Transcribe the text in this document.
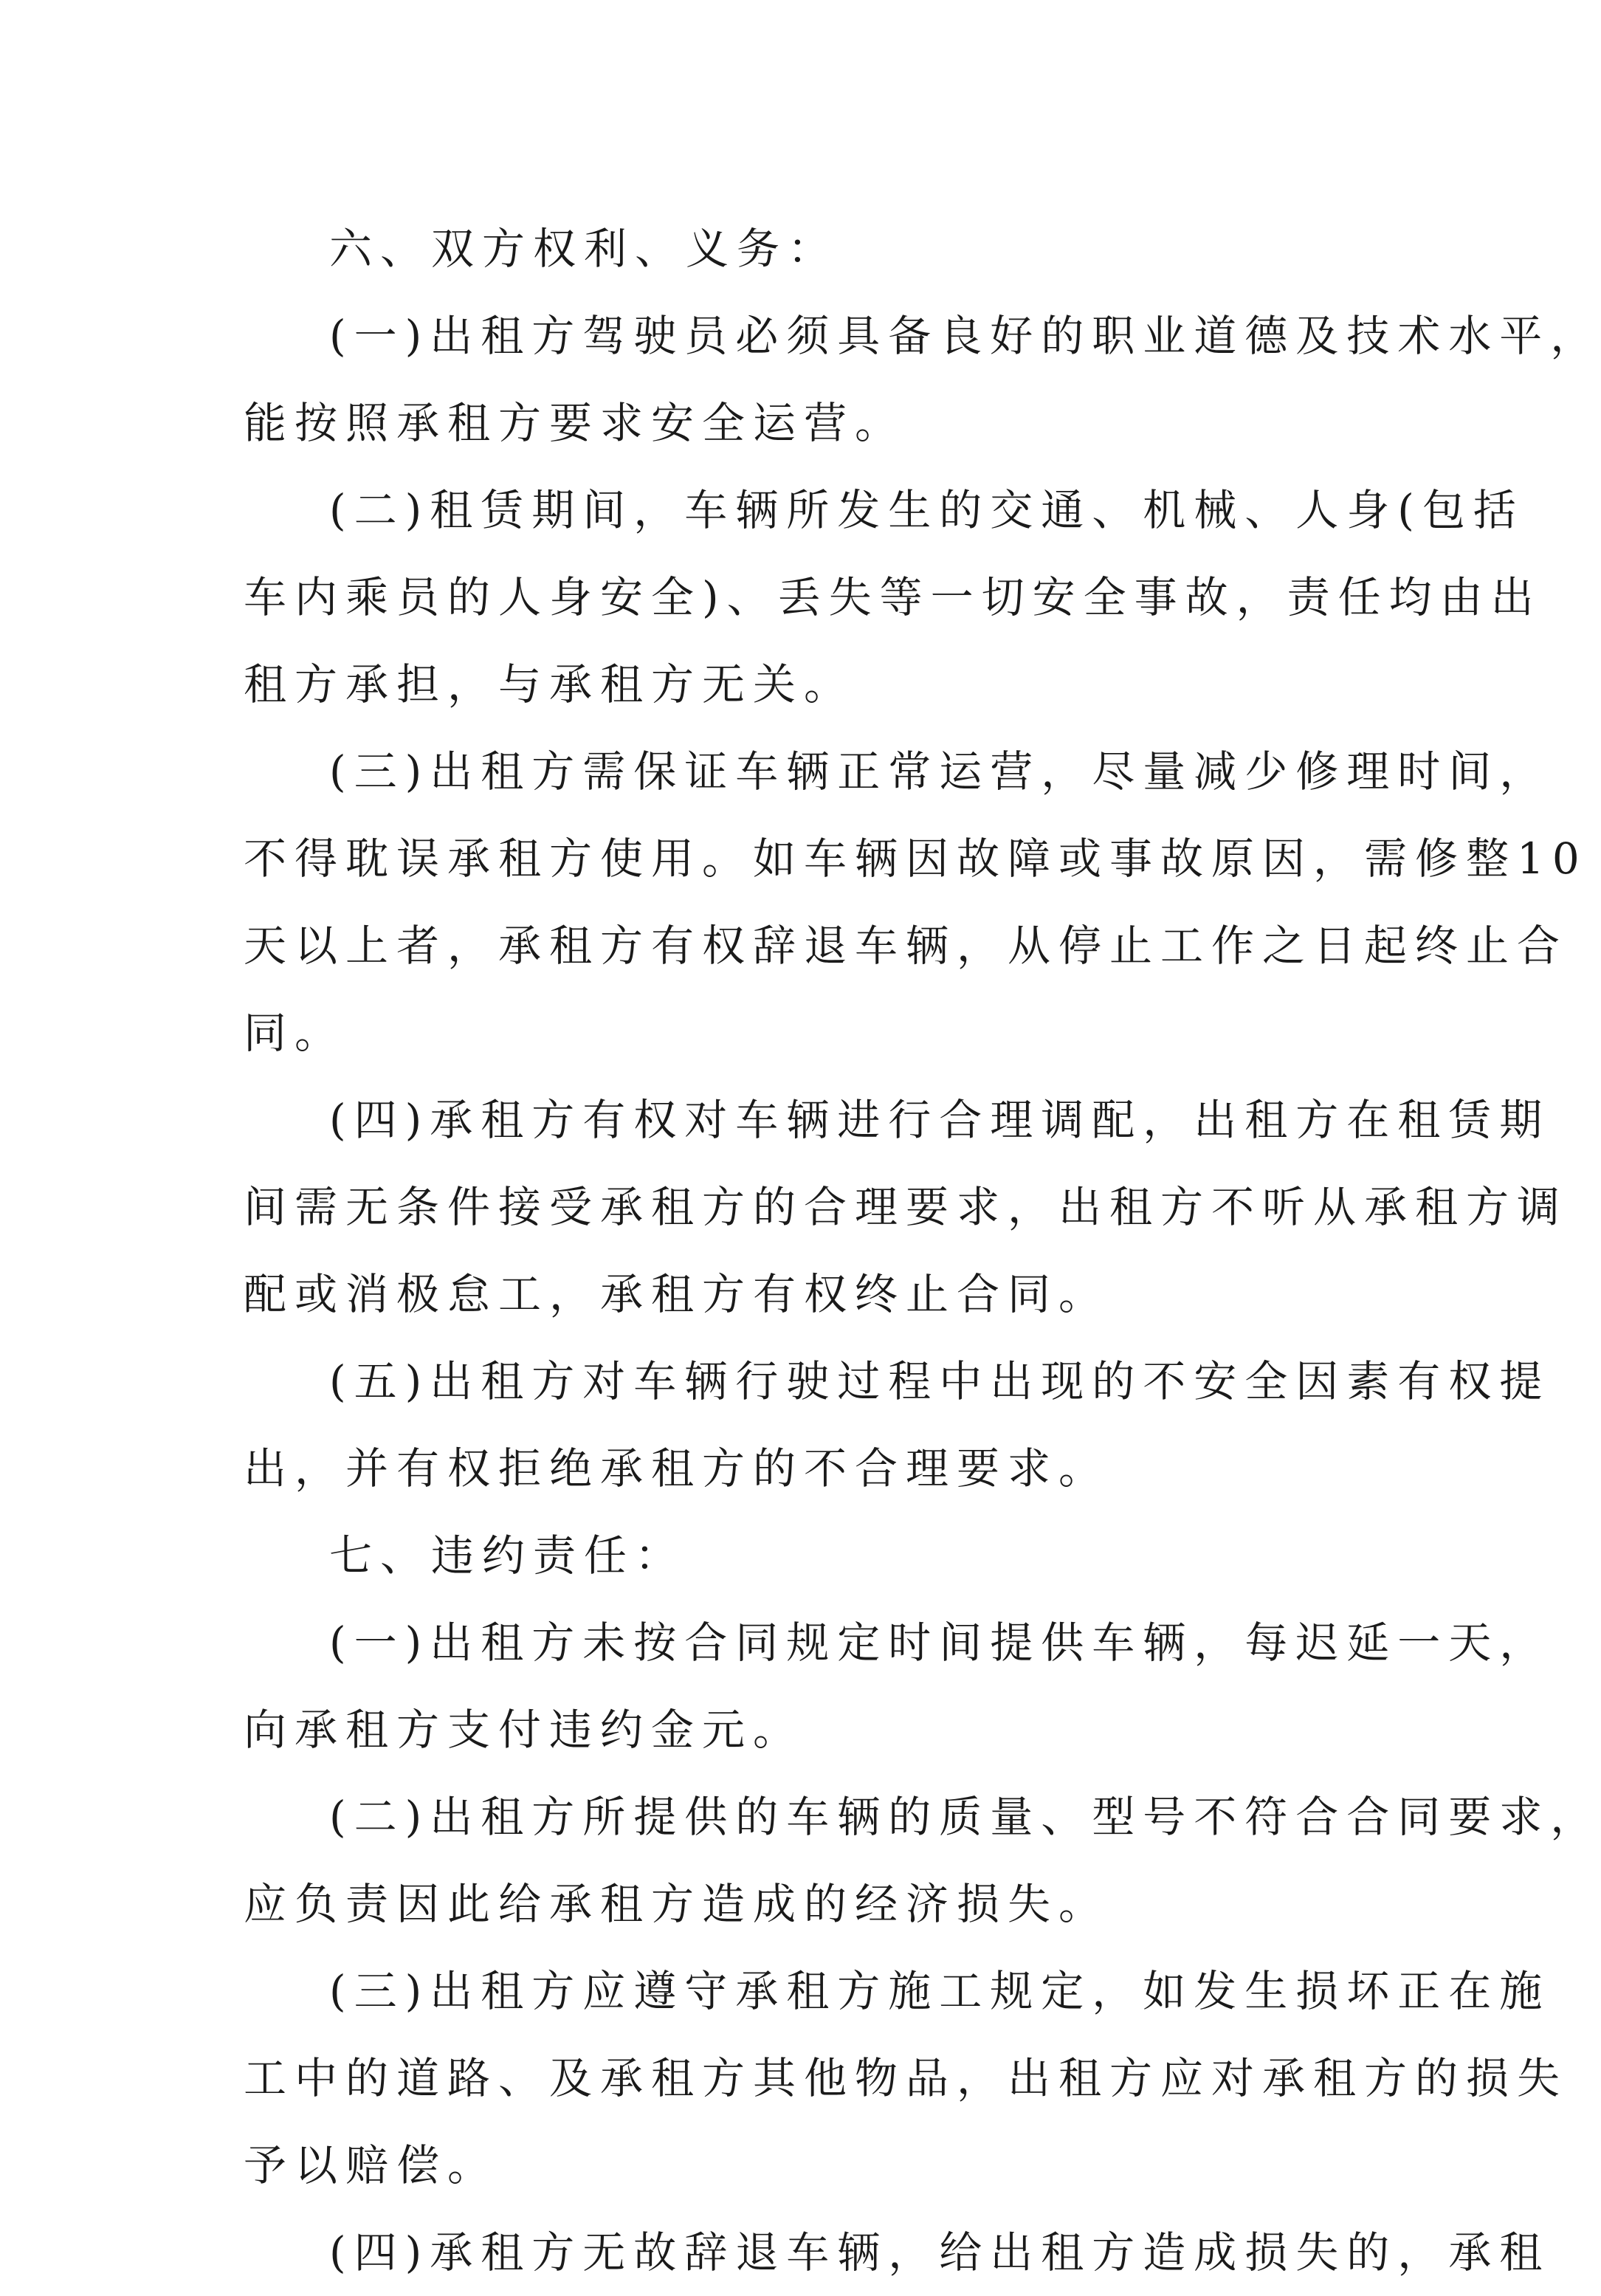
六、双方权利、义务：
(一)出租方驾驶员必须具备良好的职业道德及技术水平，
能按照承租方要求安全运营。
(二)租赁期间，车辆所发生的交通、机械、人身(包括
车内乘员的人身安全)、丢失等一切安全事故，责任均由出
租方承担，与承租方无关。
(三)出租方需保证车辆正常运营，尽量减少修理时间，
不得耽误承租方使用。如车辆因故障或事故原因，需修整10
天以上者，承租方有权辞退车辆，从停止工作之日起终止合
同。
(四)承租方有权对车辆进行合理调配，出租方在租赁期
间需无条件接受承租方的合理要求，出租方不听从承租方调
配或消极怠工，承租方有权终止合同。
(五)出租方对车辆行驶过程中出现的不安全因素有权提
出，并有权拒绝承租方的不合理要求。
七、违约责任：
(一)出租方未按合同规定时间提供车辆，每迟延一天，
向承租方支付违约金元。
(二)出租方所提供的车辆的质量、型号不符合合同要求，
应负责因此给承租方造成的经济损失。
(三)出租方应遵守承租方施工规定，如发生损坏正在施
工中的道路、及承租方其他物品，出租方应对承租方的损失
予以赔偿。
(四)承租方无故辞退车辆，给出租方造成损失的，承租
